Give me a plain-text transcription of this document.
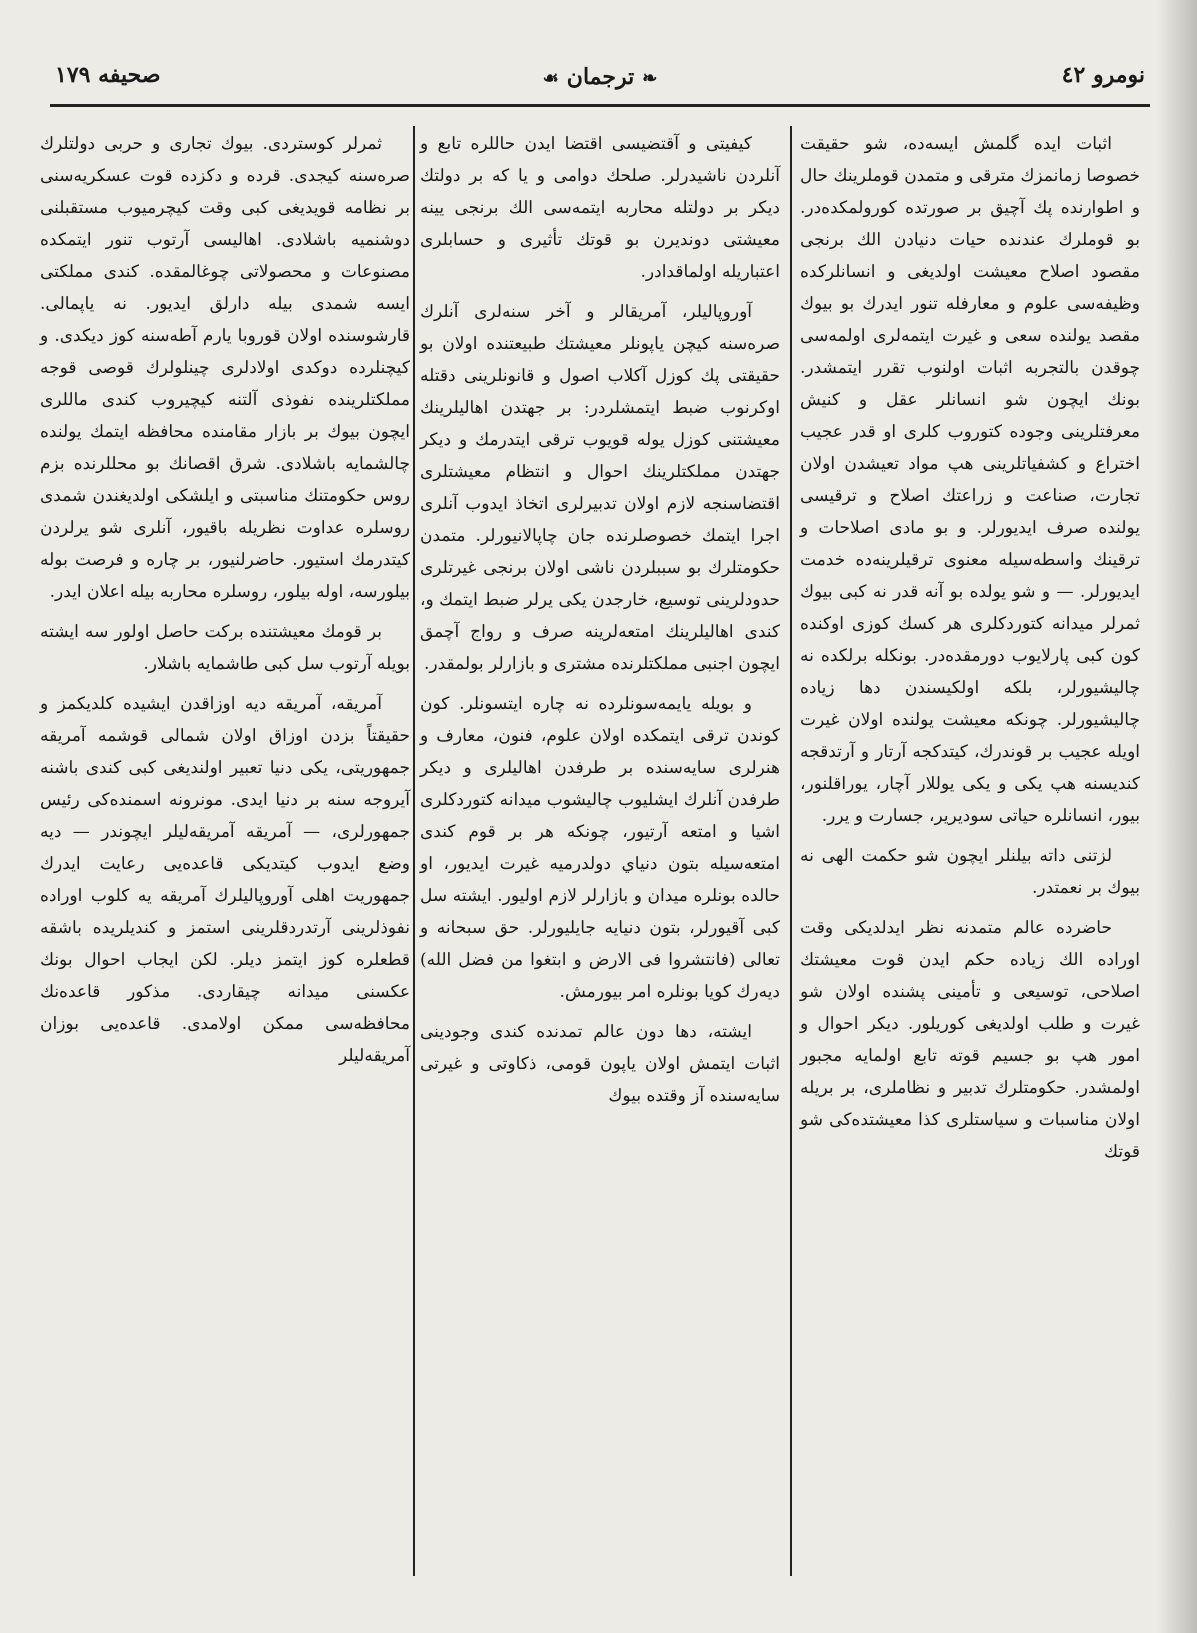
نومرو ٤٢
❧ترجمان☙
صحيفه ١٧٩

اثبات ايده گلمش ايسه‌ده، شو حقيقت خصوصا زمانمزك مترقى و متمدن قوملرينك حال و اطوارنده پك آچيق بر صورتده كورولمكده‌در. بو قوملرك عندنده حيات دنيادن الك برنجى مقصود اصلاح معيشت اولديغى و انسانلركده وظيفه‌سى علوم و معارفله تنور ايدرك بو بيوك مقصد يولنده سعى و غيرت ايتمه‌لرى اولمه‌سى چوقدن بالتجربه اثبات اولنوب تقرر ايتمشدر. بونك ايچون شو انسانلر عقل و كنيش معرفتلرينى وجوده كتوروب كلرى او قدر عجيب اختراع و كشفياتلرينى هپ مواد تعيشدن اولان تجارت، صناعت و زراعتك اصلاح و ترقيسى يولنده صرف ايديورلر. و بو مادى اصلاحات و ترقينك واسطه‌سيله معنوى ترقيلرينه‌ده خدمت ايديورلر. — و شو يولده بو آنه قدر نه كبى بيوك ثمرلر ميدانه كتوردكلرى هر كسك كوزى اوكنده كون كبى پارلايوب دورمقده‌در. بونكله برلكده نه چاليشيورلر، بلكه اولكيسندن دها زياده چاليشيورلر. چونكه معيشت يولنده اولان غيرت اويله عجيب بر قوندرك، كيتدكجه آرتار و آرتدقجه كنديسنه هپ يكى و يكى يوللار آچار، يوراقلنور، بيور، انسانلره حياتى سوديرير، جسارت و يرر.

لزتنى داته بيلنلر ايچون شو حكمت الهى نه بيوك بر نعمتدر.

حاضرده عالم متمدنه نظر ايدلديكى وقت اوراده الك زياده حكم ايدن قوت معيشتك اصلاحى، توسيعى و تأمينى پشنده اولان شو غيرت و طلب اولديغى كوريلور. ديكر احوال و امور هپ بو جسيم قوته تابع اولمايه مجبور اولمشدر. حكومتلرك تدبير و نظاملرى، بر بريله اولان مناسبات و سياستلرى كذا معيشتده‌كى شو قوتك

كيفيتى و آقتضيسى اقتضا ايدن حاللره تابع و آنلردن ناشيدرلر. صلحك دوامى و يا كه بر دولتك ديكر بر دولتله محاربه ايتمه‌سى الك برنجى يينه معيشتى دونديرن بو قوتك تأثيرى و حسابلرى اعتباريله اولماقدادر.

آوروپاليلر، آمريقالر و آخر سنه‌لرى آنلرك صره‌سنه كيچن ياپونلر معيشتك طبيعتنده اولان بو حقيقتى پك كوزل آكلاب اصول و قانونلرينى دقتله اوكرنوب ضبط ايتمشلردر: بر جهتدن اهاليلرينك معيشتنى كوزل يوله قويوب ترقى ايتدرمك و ديكر جهتدن مملكتلرينك احوال و انتظام معيشتلرى اقتضاسنجه لازم اولان تدبيرلرى اتخاذ ايدوب آنلرى اجرا ايتمك خصوصلرنده جان چاپالانيورلر. متمدن حكومتلرك بو سببلردن ناشى اولان برنجى غيرتلرى حدودلرينى توسيع، خارجدن يكى يرلر ضبط ايتمك و، كندى اهاليلرينك امتعه‌لرينه صرف و رواج آچمق ايچون اجنبى مملكتلرنده مشترى و بازارلر بولمقدر.

و بويله يايمه‌سونلرده نه چاره ايتسونلر. كون كوندن ترقى ايتمكده اولان علوم، فنون، معارف و هنرلرى سايه‌سنده بر طرفدن اهاليلرى و ديكر طرفدن آنلرك ايشليوب چاليشوب ميدانه كتوردكلرى اشيا و امتعه آرتيور، چونكه هر بر قوم كندى امتعه‌سيله بتون دنياي دولدرميه غيرت ايديور، او حالده بونلره ميدان و بازارلر لازم اوليور. ايشته سل كبى آقيورلر، بتون دنيايه جايليورلر. حق سبحانه و تعالى (فانتشروا فى الارض و ابتغوا من فضل الله) ديه‌رك كويا بونلره امر بيورمش.

ايشته، دها دون عالم تمدنده كندى وجودينى اثبات ايتمش اولان ياپون قومى، ذكاوتى و غيرتى سايه‌سنده آز وقتده بيوك

ثمرلر كوستردى. بيوك تجارى و حربى دولتلرك صره‌سنه كيجدى. قرده و دكزده قوت عسكريه‌سنى بر نظامه قويديغى كبى وقت كيچرميوب مستقبلنى دوشنميه باشلادى. اهاليسى آرتوب تنور ايتمكده مصنوعات و محصولاتى چوغالمقده. كندى مملكتى ايسه شمدى بيله دارلق ايديور. نه ياپمالى. قارشوسنده اولان قوروبا يارم آطه‌سنه كوز ديكدى. و كيچنلرده دوكدى اولادلرى چينلولرك قوصى قوجه مملكتلرينده نفوذى آلتنه كيچيروب كندى ماللرى ايچون بيوك بر بازار مقامنده محافظه ايتمك يولنده چالشمايه باشلادى. شرق اقصانك بو محللرنده بزم روس حكومتنك مناسبتى و ايلشكى اولديغندن شمدى روسلره عداوت نظريله باقيور، آنلرى شو يرلردن كيتدرمك استيور. حاضرلنيور، بر چاره و فرصت بوله بيلورسه، اوله بيلور، روسلره محاربه بيله اعلان ايدر.

بر قومك معيشتنده بركت حاصل اولور سه ايشته بويله آرتوب سل كبى طاشمايه باشلار.

آمريقه، آمريقه ديه اوزاقدن ايشيده كلديكمز و حقيقتاً بزدن اوزاق اولان شمالى قوشمه آمريقه جمهوريتى، يكى دنيا تعبير اولنديغى كبى كندى باشنه آيروجه سنه بر دنيا ايدى. مونرونه اسمنده‌كى رئيس جمهورلرى، — آمريقه آمريقه‌ليلر ايچوندر — ديه وضع ايدوب كيتديكى قاعده‌يى رعايت ايدرك جمهوريت اهلى آوروپاليلرك آمريقه يه كلوب اوراده نفوذلرينى آرتدردقلرينى استمز و كنديلريده باشقه قطعلره كوز ايتمز ديلر. لكن ايجاب احوال بونك عكسنى ميدانه چيقاردى. مذكور قاعده‌نك محافظه‌سى ممكن اولامدى. قاعده‌يى بوزان آمريقه‌ليلر
